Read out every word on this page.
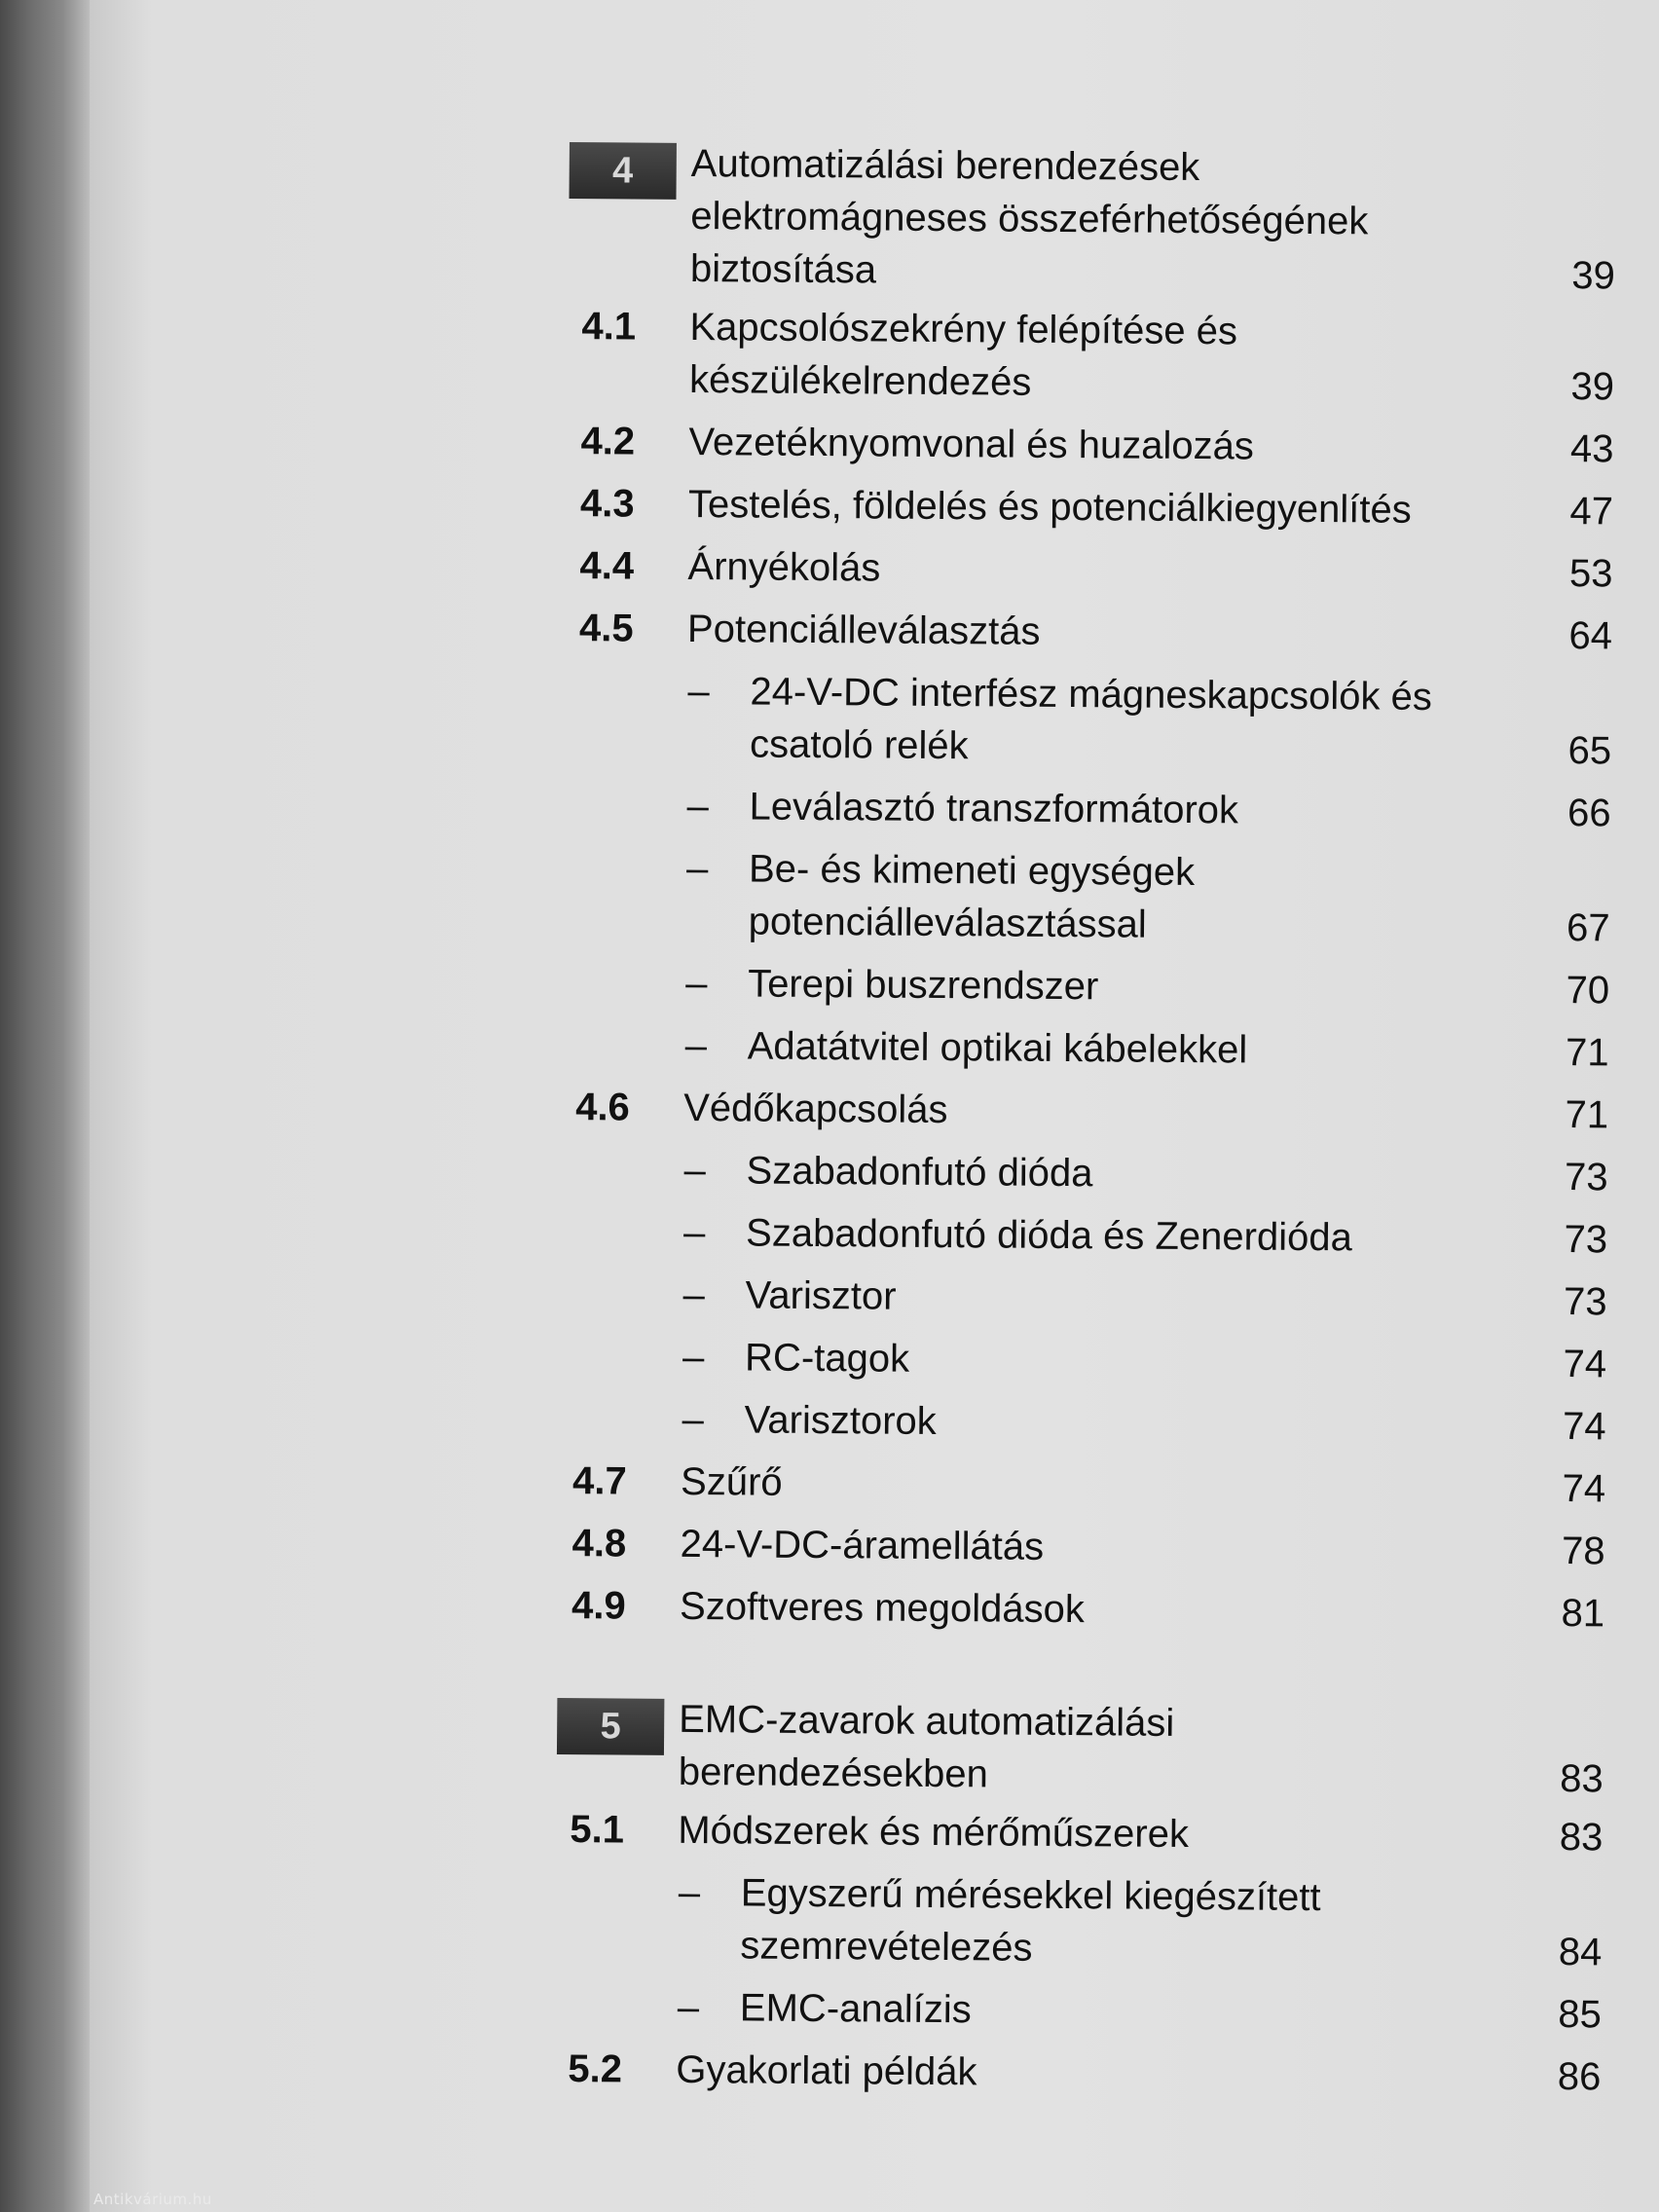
Antikvárium.hu
4	Automatizálási berendezések elektromágneses összeférhetőségének biztosítása	39
4.1 Kapcsolószekrény felépítése és készülékelrendezés	39
4.2 Vezetéknyomvonal és huzalozás	43
4.3 Testelés, földelés és potenciálkiegyenlítés	47
4.4 Árnyékolás	53
4.5 Potenciálleválasztás	64
– 24-V-DC interfész mágneskapcsolók és csatoló relék	65
– Leválasztó transzformátorok	66
– Be- és kimeneti egységek potenciálleválasztással	67
– Terepi buszrendszer	70
– Adatátvitel optikai kábelekkel	71
4.6 Védőkapcsolás	71
– Szabadonfutó dióda	73
– Szabadonfutó dióda és Zenerdióda	73
– Varisztor	73
– RC-tagok	74
– Varisztorok	74
4.7 Szűrő	74
4.8 24-V-DC-áramellátás	78
4.9 Szoftveres megoldások	81
5	EMC-zavarok automatizálási berendezésekben	83
5.1 Módszerek és mérőműszerek	83
– Egyszerű mérésekkel kiegészített szemrevételezés	84
– EMC-analízis	85
5.2 Gyakorlati példák	86
